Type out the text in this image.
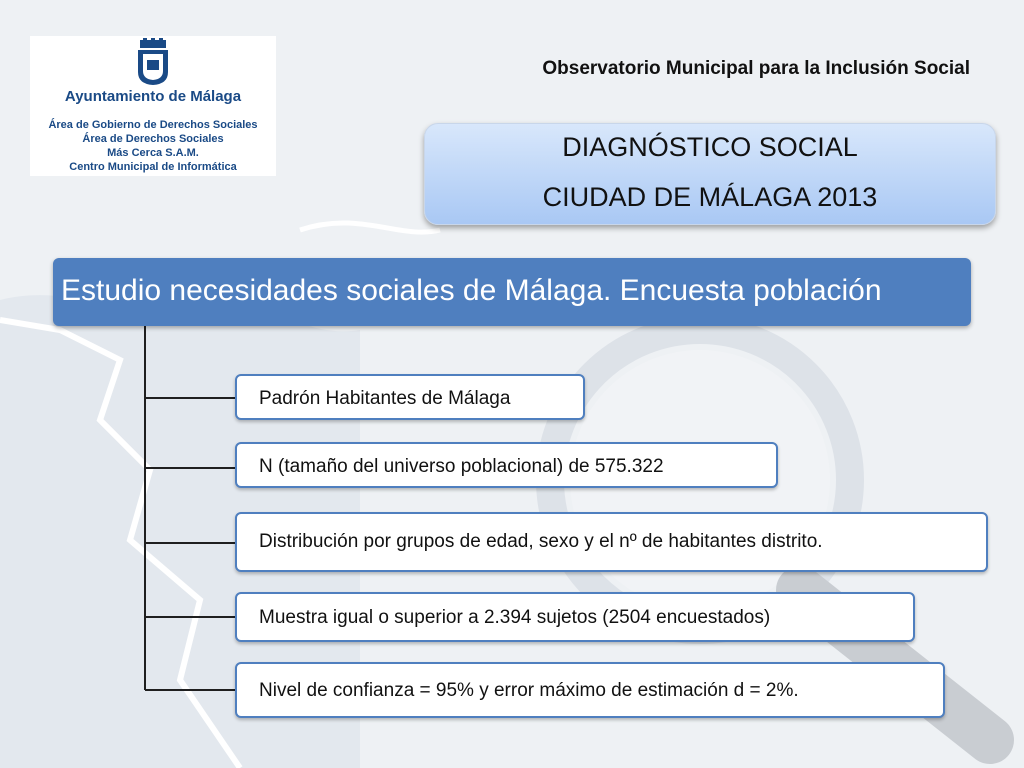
Ayuntamiento de Málaga
Área de Gobierno de Derechos Sociales
Área de Derechos Sociales
Más Cerca S.A.M.
Centro Municipal de Informática
Observatorio Municipal para la Inclusión Social
DIAGNÓSTICO SOCIAL
CIUDAD DE MÁLAGA 2013
Estudio necesidades sociales de Málaga. Encuesta población
Padrón Habitantes de Málaga
N (tamaño del universo poblacional) de 575.322
Distribución por grupos de edad, sexo y el nº de habitantes distrito.
Muestra igual o superior a 2.394 sujetos (2504 encuestados)
Nivel de confianza = 95% y error máximo de estimación d = 2%.
